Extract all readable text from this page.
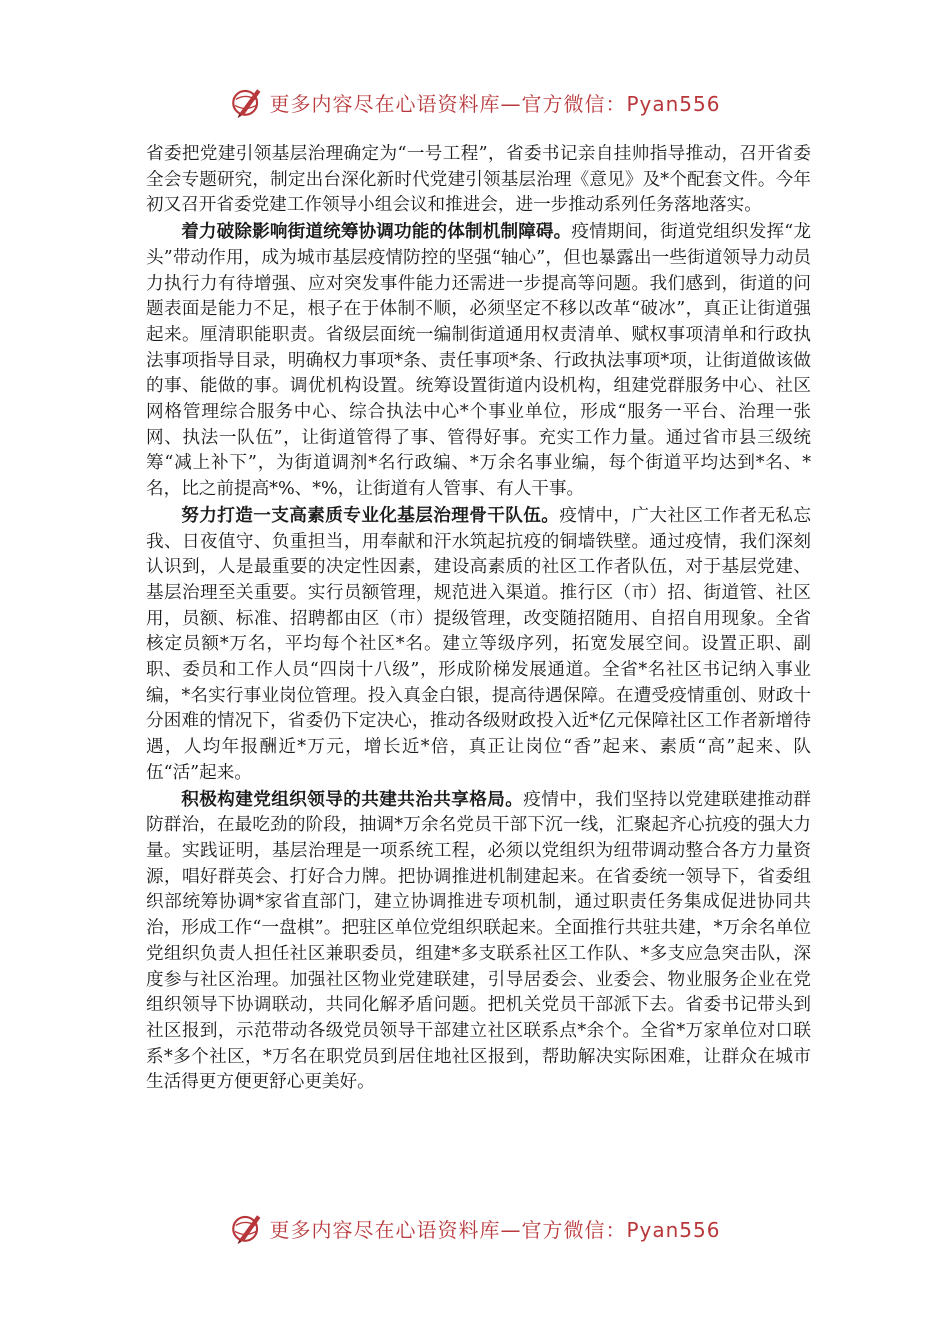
更多内容尽在心语资料库—官方微信：Pyan556

省委把党建引领基层治理确定为“一号工程”，省委书记亲自挂帅指导推动，召开省委全会专题研究，制定出台深化新时代党建引领基层治理《意见》及*个配套文件。今年初又召开省委党建工作领导小组会议和推进会，进一步推动系列任务落地落实。

着力破除影响街道统筹协调功能的体制机制障碍。疫情期间，街道党组织发挥“龙头”带动作用，成为城市基层疫情防控的坚强“轴心”，但也暴露出一些街道领导力动员力执行力有待增强、应对突发事件能力还需进一步提高等问题。我们感到，街道的问题表面是能力不足，根子在于体制不顺，必须坚定不移以改革“破冰”，真正让街道强起来。厘清职能职责。省级层面统一编制街道通用权责清单、赋权事项清单和行政执法事项指导目录，明确权力事项*条、责任事项*条、行政执法事项*项，让街道做该做的事、能做的事。调优机构设置。统筹设置街道内设机构，组建党群服务中心、社区网格管理综合服务中心、综合执法中心*个事业单位，形成“服务一平台、治理一张网、执法一队伍”，让街道管得了事、管得好事。充实工作力量。通过省市县三级统筹“减上补下”，为街道调剂*名行政编、*万余名事业编，每个街道平均达到*名、*名，比之前提高*%、*%，让街道有人管事、有人干事。

努力打造一支高素质专业化基层治理骨干队伍。疫情中，广大社区工作者无私忘我、日夜值守、负重担当，用奉献和汗水筑起抗疫的铜墙铁壁。通过疫情，我们深刻认识到，人是最重要的决定性因素，建设高素质的社区工作者队伍，对于基层党建、基层治理至关重要。实行员额管理，规范进入渠道。推行区（市）招、街道管、社区用，员额、标准、招聘都由区（市）提级管理，改变随招随用、自招自用现象。全省核定员额*万名，平均每个社区*名。建立等级序列，拓宽发展空间。设置正职、副职、委员和工作人员“四岗十八级”，形成阶梯发展通道。全省*名社区书记纳入事业编，*名实行事业岗位管理。投入真金白银，提高待遇保障。在遭受疫情重创、财政十分困难的情况下，省委仍下定决心，推动各级财政投入近*亿元保障社区工作者新增待遇，人均年报酬近*万元，增长近*倍，真正让岗位“香”起来、素质“高”起来、队伍“活”起来。

积极构建党组织领导的共建共治共享格局。疫情中，我们坚持以党建联建推动群防群治，在最吃劲的阶段，抽调*万余名党员干部下沉一线，汇聚起齐心抗疫的强大力量。实践证明，基层治理是一项系统工程，必须以党组织为纽带调动整合各方力量资源，唱好群英会、打好合力牌。把协调推进机制建起来。在省委统一领导下，省委组织部统筹协调*家省直部门，建立协调推进专项机制，通过职责任务集成促进协同共治，形成工作“一盘棋”。把驻区单位党组织联起来。全面推行共驻共建，*万余名单位党组织负责人担任社区兼职委员，组建*多支联系社区工作队、*多支应急突击队，深度参与社区治理。加强社区物业党建联建，引导居委会、业委会、物业服务企业在党组织领导下协调联动，共同化解矛盾问题。把机关党员干部派下去。省委书记带头到社区报到，示范带动各级党员领导干部建立社区联系点*余个。全省*万家单位对口联系*多个社区，*万名在职党员到居住地社区报到，帮助解决实际困难，让群众在城市生活得更方便更舒心更美好。

更多内容尽在心语资料库—官方微信：Pyan556
